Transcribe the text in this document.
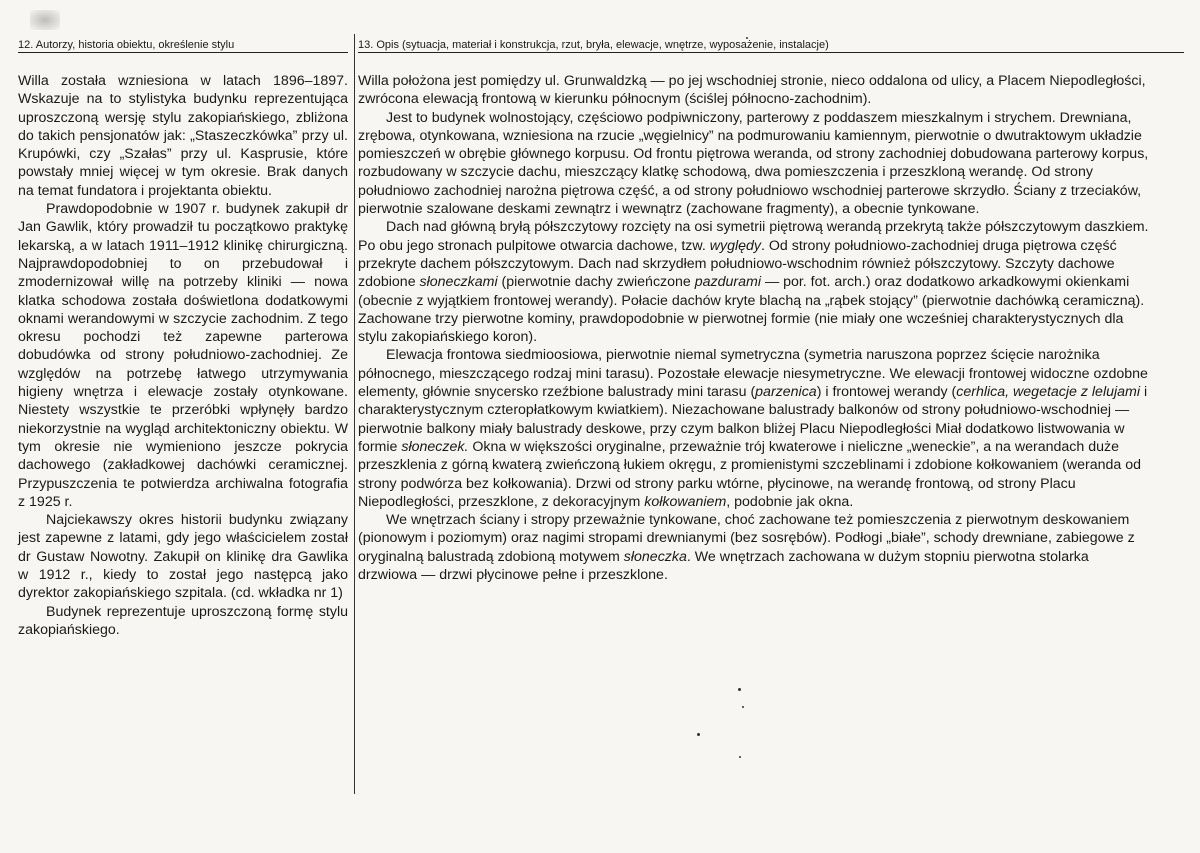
12. Autorzy, historia obiektu, określenie stylu	13. Opis (sytuacja, materiał i konstrukcja, rzut, bryła, elewacje, wnętrze, wyposażenie, instalacje)

Willa została wzniesiona w latach 1896–1897. Wskazuje na to stylistyka budynku reprezentująca uproszczoną wersję stylu zakopiańskiego, zbliżona do takich pensjonatów jak: „Staszeczkówka” przy ul. Krupówki, czy „Szałas” przy ul. Kasprusie, które powstały mniej więcej w tym okresie. Brak danych na temat fundatora i projektanta obiektu.

Prawdopodobnie w 1907 r. budynek zakupił dr Jan Gawlik, który prowadził tu początkowo praktykę lekarską, a w latach 1911–1912 klinikę chirurgiczną. Najprawdopodobniej to on przebudował i zmodernizował willę na potrzeby kliniki — nowa klatka schodowa została doświetlona dodatkowymi oknami werandowymi w szczycie zachodnim. Z tego okresu pochodzi też zapewne parterowa dobudówka od strony południowo-zachodniej. Ze względów na potrzebę łatwego utrzymywania higieny wnętrza i elewacje zostały otynkowane. Niestety wszystkie te przeróbki wpłynęły bardzo niekorzystnie na wygląd architektoniczny obiektu. W tym okresie nie wymieniono jeszcze pokrycia dachowego (zakładkowej dachówki ceramicznej. Przypuszczenia te potwierdza archiwalna fotografia z 1925 r.

Najciekawszy okres historii budynku związany jest zapewne z latami, gdy jego właścicielem został dr Gustaw Nowotny. Zakupił on klinikę dra Gawlika w 1912 r., kiedy to został jego następcą jako dyrektor zakopiańskiego szpitala. (cd. wkładka nr 1)

Budynek reprezentuje uproszczoną formę stylu zakopiańskiego.

Willa położona jest pomiędzy ul. Grunwaldzką — po jej wschodniej stronie, nieco oddalona od ulicy, a Placem Niepodległości, zwrócona elewacją frontową w kierunku północnym (ściślej północno-zachodnim).

Jest to budynek wolnostojący, częściowo podpiwniczony, parterowy z poddaszem mieszkalnym i strychem. Drewniana, zrębowa, otynkowana, wzniesiona na rzucie „węgielnicy” na podmurowaniu kamiennym, pierwotnie o dwutraktowym układzie pomieszczeń w obrębie głównego korpusu. Od frontu piętrowa weranda, od strony zachodniej dobudowana parterowy korpus, rozbudowany w szczycie dachu, mieszczący klatkę schodową, dwa pomieszczenia i przeszkloną werandę. Od strony południowo zachodniej narożna piętrowa część, a od strony południowo wschodniej parterowe skrzydło. Ściany z trzeciaków, pierwotnie szalowane deskami zewnątrz i wewnątrz (zachowane fragmenty), a obecnie tynkowane.

Dach nad główną bryłą półszczytowy rozcięty na osi symetrii piętrową werandą przekrytą także półszczytowym daszkiem. Po obu jego stronach pulpitowe otwarcia dachowe, tzw. wyględy. Od strony południowo-zachodniej druga piętrowa część przekryte dachem półszczytowym. Dach nad skrzydłem południowo-wschodnim również półszczytowy. Szczyty dachowe zdobione słoneczkami (pierwotnie dachy zwieńczone pazdurami — por. fot. arch.) oraz dodatkowo arkadkowymi okienkami (obecnie z wyjątkiem frontowej werandy). Połacie dachów kryte blachą na „rąbek stojący” (pierwotnie dachówką ceramiczną). Zachowane trzy pierwotne kominy, prawdopodobnie w pierwotnej formie (nie miały one wcześniej charakterystycznych dla stylu zakopiańskiego koron).

Elewacja frontowa siedmioosiowa, pierwotnie niemal symetryczna (symetria naruszona poprzez ścięcie narożnika północnego, mieszczącego rodzaj mini tarasu). Pozostałe elewacje niesymetryczne. We elewacji frontowej widoczne ozdobne elementy, głównie snycersko rzeźbione balustrady mini tarasu (parzenica) i frontowej werandy (cerhlica, wegetacje z lelujami i charakterystycznym czteropłatkowym kwiatkiem). Niezachowane balustrady balkonów od strony południowo-wschodniej — pierwotnie balkony miały balustrady deskowe, przy czym balkon bliżej Placu Niepodległości Miał dodatkowo listwowania w formie słoneczek. Okna w większości oryginalne, przeważnie trój kwaterowe i nieliczne „weneckie”, a na werandach duże przeszklenia z górną kwaterą zwieńczoną łukiem okręgu, z promienistymi szczeblinami i zdobione kołkowaniem (weranda od strony podwórza bez kołkowania). Drzwi od strony parku wtórne, płycinowe, na werandę frontową, od strony Placu Niepodległości, przeszklone, z dekoracyjnym kołkowaniem, podobnie jak okna.

We wnętrzach ściany i stropy przeważnie tynkowane, choć zachowane też pomieszczenia z pierwotnym deskowaniem (pionowym i poziomym) oraz nagimi stropami drewnianymi (bez sosrębów). Podłogi „białe”, schody drewniane, zabiegowe z oryginalną balustradą zdobioną motywem słoneczka. We wnętrzach zachowana w dużym stopniu pierwotna stolarka drzwiowa — drzwi płycinowe pełne i przeszklone.
